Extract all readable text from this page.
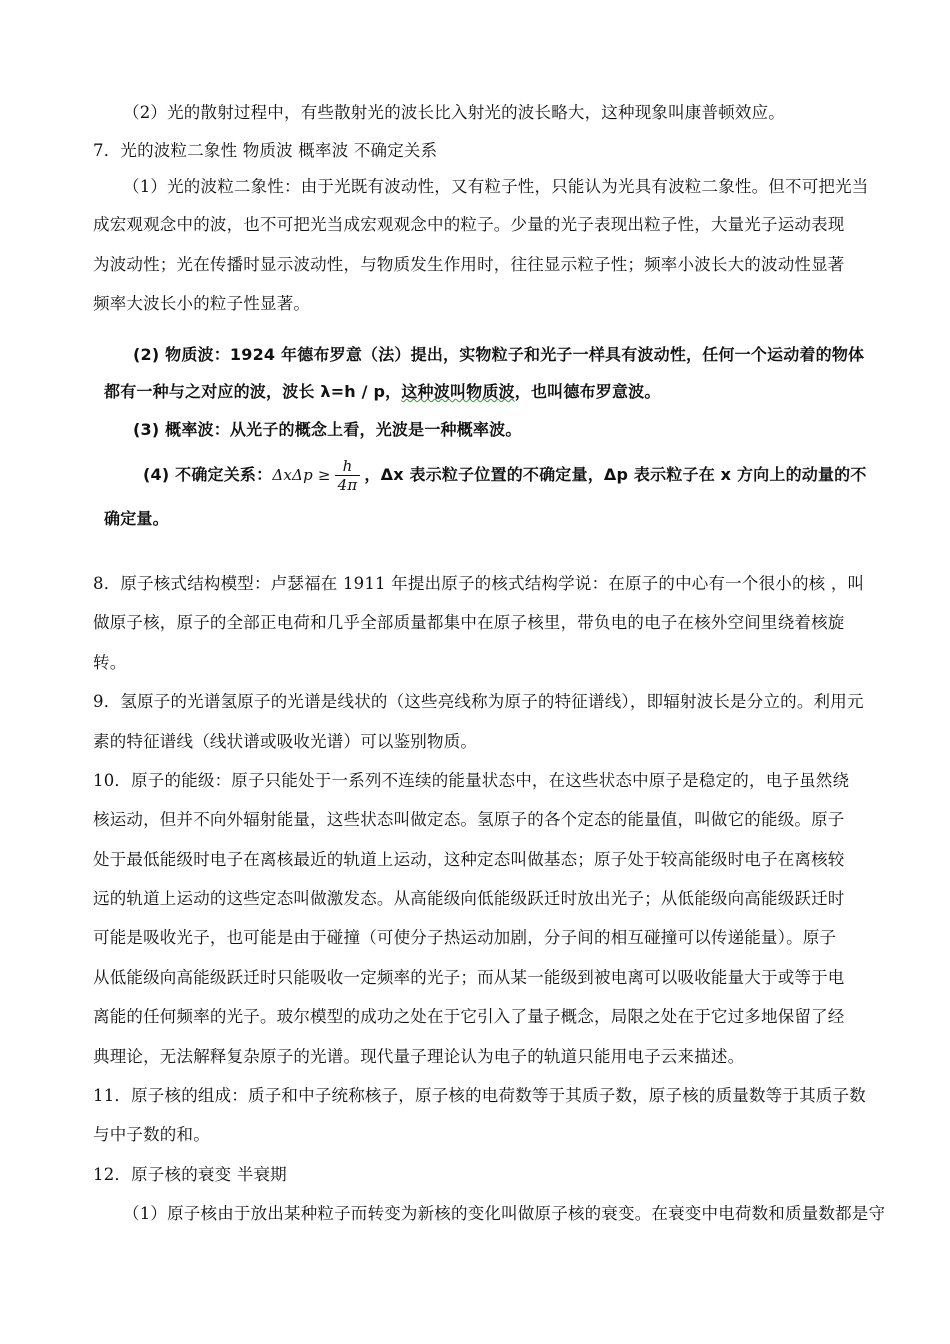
（2）光的散射过程中，有些散射光的波长比入射光的波长略大，这种现象叫康普顿效应。
7．光的波粒二象性 物质波 概率波 不确定关系
（1）光的波粒二象性：由于光既有波动性，又有粒子性，只能认为光具有波粒二象性。但不可把光当
成宏观观念中的波，也不可把光当成宏观观念中的粒子。少量的光子表现出粒子性，大量光子运动表现
为波动性；光在传播时显示波动性，与物质发生作用时，往往显示粒子性；频率小波长大的波动性显著
频率大波长小的粒子性显著。
(2) 物质波：1924 年德布罗意（法）提出，实物粒子和光子一样具有波动性，任何一个运动着的物体
都有一种与之对应的波，波长 λ=h / p，这种波叫物质波，也叫德布罗意波。
(3) 概率波：从光子的概念上看，光波是一种概率波。
(4) 不确定关系： $\Delta x\Delta p \ge \frac{h}{4\pi}$ ，Δx 表示粒子位置的不确定量，Δp 表示粒子在 x 方向上的动量的不
确定量。
8．原子核式结构模型：卢瑟福在 1911 年提出原子的核式结构学说：在原子的中心有一个很小的核 ，叫
做原子核，原子的全部正电荷和几乎全部质量都集中在原子核里，带负电的电子在核外空间里绕着核旋
转。
9．氢原子的光谱氢原子的光谱是线状的（这些亮线称为原子的特征谱线），即辐射波长是分立的。利用元
素的特征谱线（线状谱或吸收光谱）可以鉴别物质。
10．原子的能级：原子只能处于一系列不连续的能量状态中，在这些状态中原子是稳定的，电子虽然绕
核运动，但并不向外辐射能量，这些状态叫做定态。氢原子的各个定态的能量值，叫做它的能级。原子
处于最低能级时电子在离核最近的轨道上运动，这种定态叫做基态；原子处于较高能级时电子在离核较
远的轨道上运动的这些定态叫做激发态。从高能级向低能级跃迁时放出光子；从低能级向高能级跃迁时
可能是吸收光子，也可能是由于碰撞（可使分子热运动加剧，分子间的相互碰撞可以传递能量）。原子
从低能级向高能级跃迁时只能吸收一定频率的光子；而从某一能级到被电离可以吸收能量大于或等于电
离能的任何频率的光子。玻尔模型的成功之处在于它引入了量子概念，局限之处在于它过多地保留了经
典理论，无法解释复杂原子的光谱。现代量子理论认为电子的轨道只能用电子云来描述。
11．原子核的组成：质子和中子统称核子，原子核的电荷数等于其质子数，原子核的质量数等于其质子数
与中子数的和。
12．原子核的衰变 半衰期
（1）原子核由于放出某种粒子而转变为新核的变化叫做原子核的衰变。在衰变中电荷数和质量数都是守
